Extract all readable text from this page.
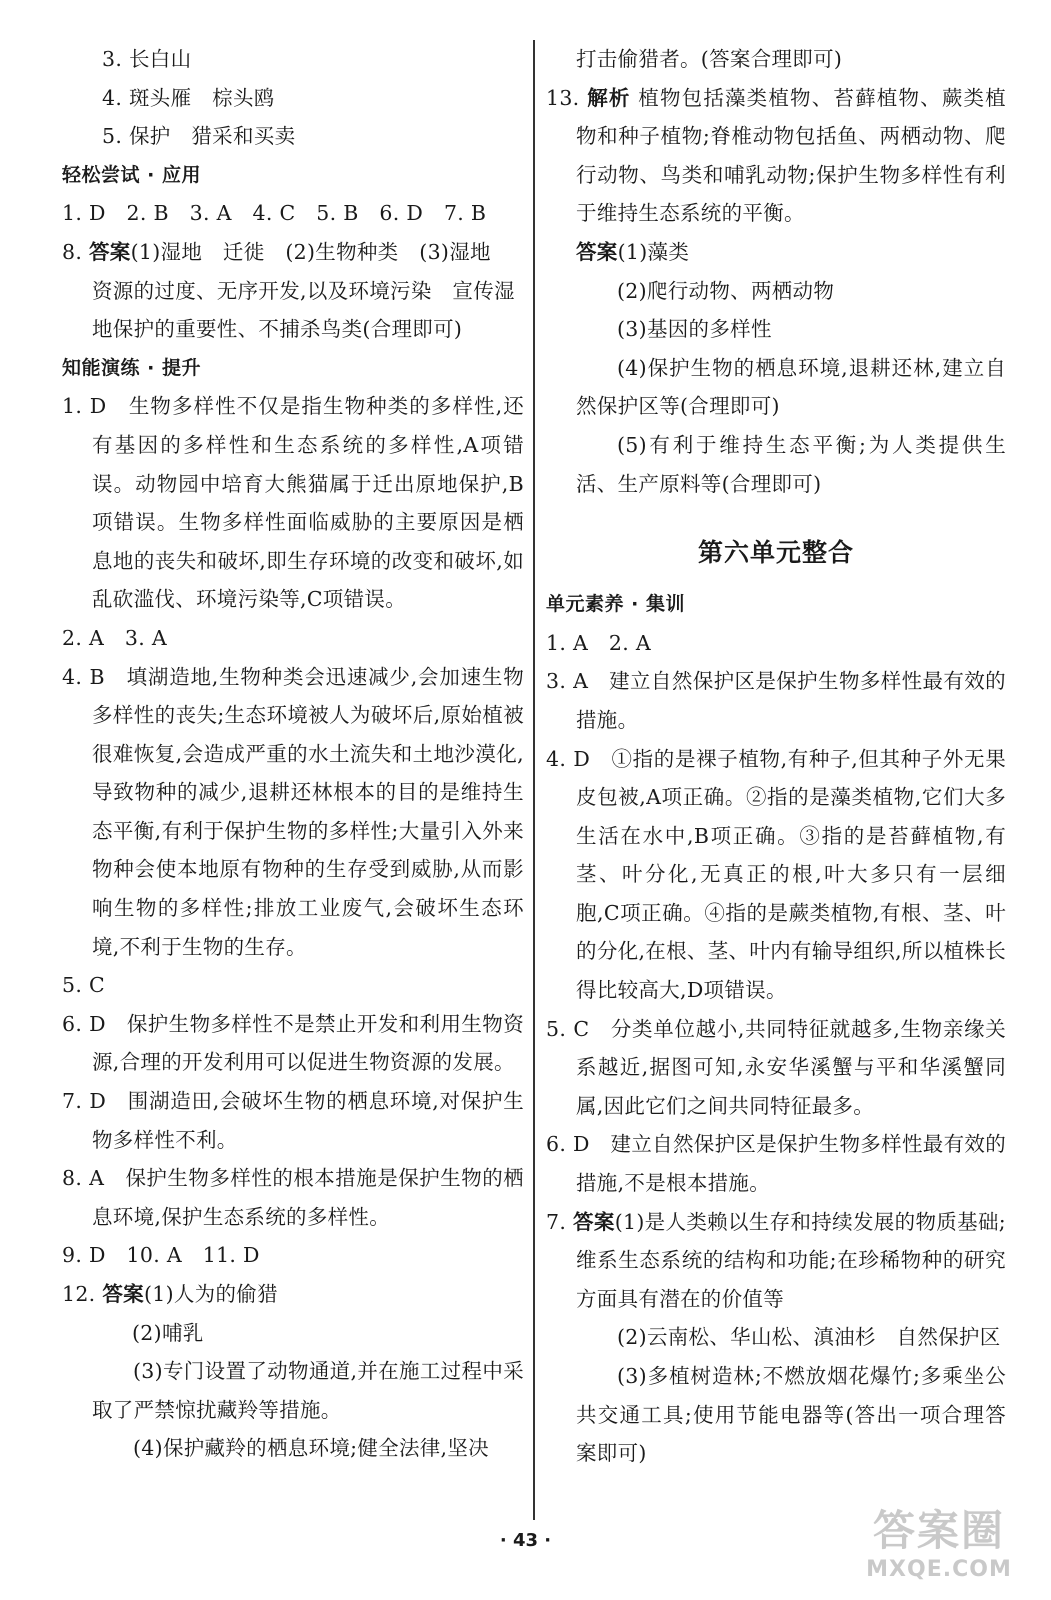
3. 长白山

4. 斑头雁　棕头鸥

5. 保护　猎采和买卖

轻松尝试 · 应用

1. D　2. B　3. A　4. C　5. B　6. D　7. B

8. 答案(1)湿地　迁徙　(2)生物种类　(3)湿地

资源的过度、无序开发,以及环境污染　宣传湿

地保护的重要性、不捕杀鸟类(合理即可)

知能演练 · 提升

1. D　生物多样性不仅是指生物种类的多样性,还有基因的多样性和生态系统的多样性,A项错误。动物园中培育大熊猫属于迁出原地保护,B项错误。生物多样性面临威胁的主要原因是栖息地的丧失和破坏,即生存环境的改变和破坏,如乱砍滥伐、环境污染等,C项错误。

2. A　3. A

4. B　填湖造地,生物种类会迅速减少,会加速生物多样性的丧失;生态环境被人为破坏后,原始植被很难恢复,会造成严重的水土流失和土地沙漠化,导致物种的减少,退耕还林根本的目的是维持生态平衡,有利于保护生物的多样性;大量引入外来物种会使本地原有物种的生存受到威胁,从而影响生物的多样性;排放工业废气,会破坏生态环境,不利于生物的生存。

5. C

6. D　保护生物多样性不是禁止开发和利用生物资源,合理的开发利用可以促进生物资源的发展。

7. D　围湖造田,会破坏生物的栖息环境,对保护生物多样性不利。

8. A　保护生物多样性的根本措施是保护生物的栖息环境,保护生态系统的多样性。

9. D　10. A　11. D

12. 答案(1)人为的偷猎

(2)哺乳

(3)专门设置了动物通道,并在施工过程中采取了严禁惊扰藏羚等措施。

(4)保护藏羚的栖息环境;健全法律,坚决

打击偷猎者。(答案合理即可)

13. 解析 植物包括藻类植物、苔藓植物、蕨类植物和种子植物;脊椎动物包括鱼、两栖动物、爬行动物、鸟类和哺乳动物;保护生物多样性有利于维持生态系统的平衡。

答案(1)藻类

(2)爬行动物、两栖动物

(3)基因的多样性

(4)保护生物的栖息环境,退耕还林,建立自然保护区等(合理即可)

(5)有利于维持生态平衡;为人类提供生活、生产原料等(合理即可)

第六单元整合

单元素养 · 集训

1. A　2. A

3. A　建立自然保护区是保护生物多样性最有效的措施。

4. D　①指的是裸子植物,有种子,但其种子外无果皮包被,A项正确。②指的是藻类植物,它们大多生活在水中,B项正确。③指的是苔藓植物,有茎、叶分化,无真正的根,叶大多只有一层细胞,C项正确。④指的是蕨类植物,有根、茎、叶的分化,在根、茎、叶内有输导组织,所以植株长得比较高大,D项错误。

5. C　分类单位越小,共同特征就越多,生物亲缘关系越近,据图可知,永安华溪蟹与平和华溪蟹同属,因此它们之间共同特征最多。

6. D　建立自然保护区是保护生物多样性最有效的措施,不是根本措施。

7. 答案(1)是人类赖以生存和持续发展的物质基础;维系生态系统的结构和功能;在珍稀物种的研究方面具有潜在的价值等

(2)云南松、华山松、滇油杉　自然保护区

(3)多植树造林;不燃放烟花爆竹;多乘坐公共交通工具;使用节能电器等(答出一项合理答案即可)

· 43 ·	答案圈
MXQE.COM
